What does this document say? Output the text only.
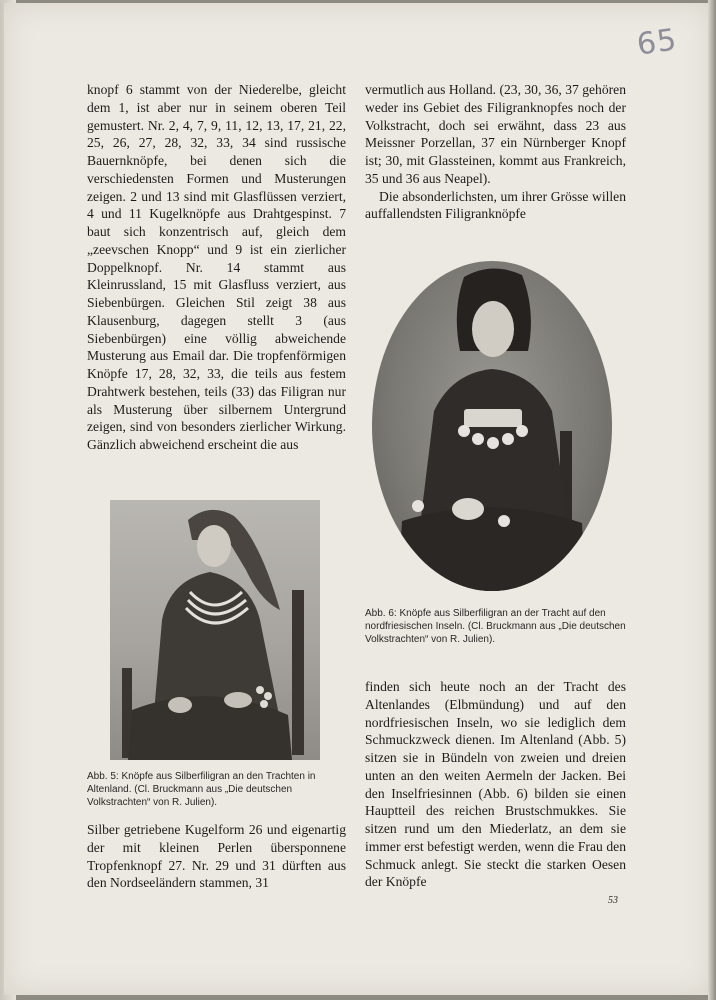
65

knopf 6 stammt von der Niederelbe, gleicht dem 1, ist aber nur in seinem oberen Teil gemustert. Nr. 2, 4, 7, 9, 11, 12, 13, 17, 21, 22, 25, 26, 27, 28, 32, 33, 34 sind russische Bauernknöpfe, bei denen sich die verschiedensten Formen und Musterungen zeigen. 2 und 13 sind mit Glasflüssen verziert, 4 und 11 Kugelknöpfe aus Drahtgespinst. 7 baut sich konzentrisch auf, gleich dem „zeevschen Knopp“ und 9 ist ein zierlicher Doppelknopf. Nr. 14 stammt aus Kleinrussland, 15 mit Glasfluss verziert, aus Siebenbürgen. Gleichen Stil zeigt 38 aus Klausenburg, dagegen stellt 3 (aus Siebenbürgen) eine völlig abweichende Musterung aus Email dar. Die tropfenförmigen Knöpfe 17, 28, 32, 33, die teils aus festem Drahtwerk bestehen, teils (33) das Filigran nur als Musterung über silbernem Untergrund zeigen, sind von besonders zierlicher Wirkung. Gänzlich abweichend erscheint die aus

vermutlich aus Holland. (23, 30, 36, 37 gehören weder ins Gebiet des Filigranknopfes noch der Volkstracht, doch sei erwähnt, dass 23 aus Meissner Porzellan, 37 ein Nürnberger Knopf ist; 30, mit Glassteinen, kommt aus Frankreich, 35 und 36 aus Neapel).

Die absonderlichsten, um ihrer Grösse willen auffallendsten Filigranknöpfe

Abb. 5: Knöpfe aus Silberfiligran an den Trachten in Altenland. (Cl. Bruckmann aus „Die deutschen Volkstrachten“ von R. Julien).
Abb. 6: Knöpfe aus Silberfiligran an der Tracht auf den nordfriesischen Inseln. (Cl. Bruckmann aus „Die deutschen Volkstrachten“ von R. Julien).

Silber getriebene Kugelform 26 und eigenartig der mit kleinen Perlen übersponnene Tropfenknopf 27. Nr. 29 und 31 dürften aus den Nordseeländern stammen, 31

finden sich heute noch an der Tracht des Altenlandes (Elbmündung) und auf den nordfriesischen Inseln, wo sie lediglich dem Schmuckzweck dienen. Im Altenland (Abb. 5) sitzen sie in Bündeln von zweien und dreien unten an den weiten Aermeln der Jacken. Bei den Inselfriesinnen (Abb. 6) bilden sie einen Hauptteil des reichen Brustschmukkes. Sie sitzen rund um den Miederlatz, an dem sie immer erst befestigt werden, wenn die Frau den Schmuck anlegt. Sie steckt die starken Oesen der Knöpfe

53
